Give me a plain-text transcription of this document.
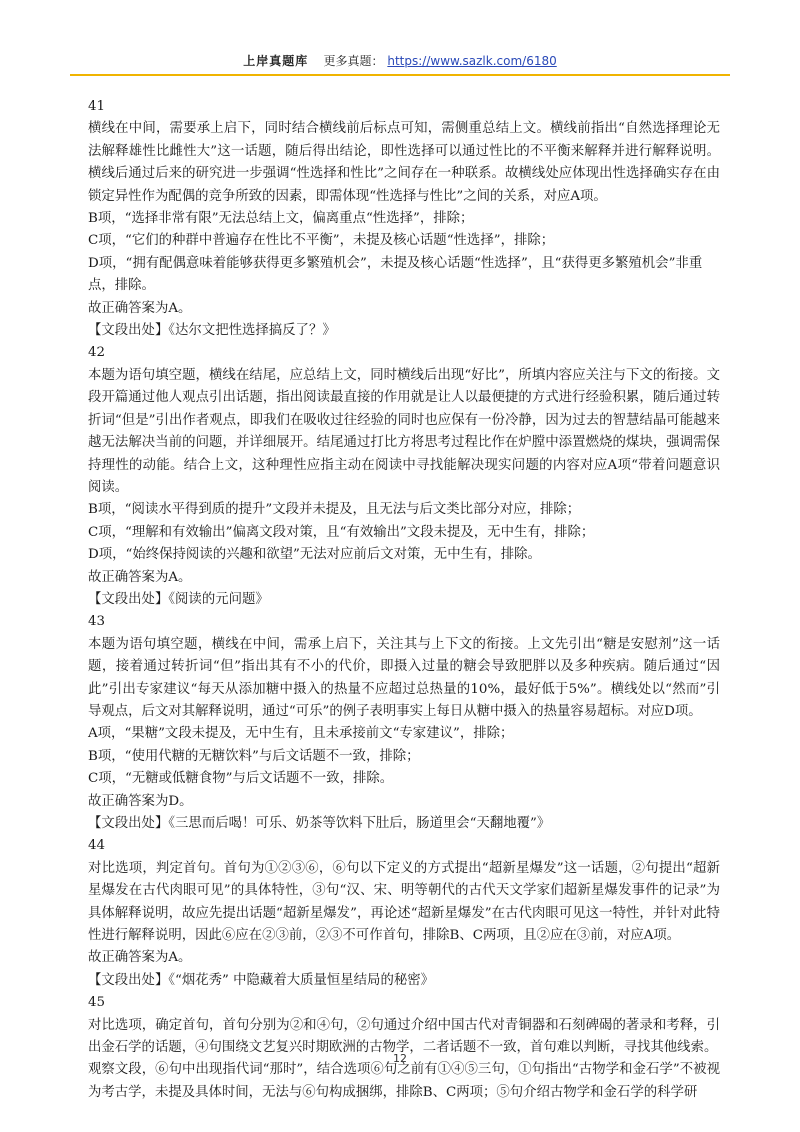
上岸真题库 更多真题： https://www.sazlk.com/6180

41

横线在中间，需要承上启下，同时结合横线前后标点可知，需侧重总结上文。横线前指出“自然选择理论无法解释雄性比雌性大”这一话题，随后得出结论，即性选择可以通过性比的不平衡来解释并进行解释说明。横线后通过后来的研究进一步强调“性选择和性比”之间存在一种联系。故横线处应体现出性选择确实存在由锁定异性作为配偶的竞争所致的因素，即需体现“性选择与性比”之间的关系，对应A项。

B项，“选择非常有限”无法总结上文，偏离重点“性选择”，排除；

C项，“它们的种群中普遍存在性比不平衡”，未提及核心话题“性选择”，排除；

D项，“拥有配偶意味着能够获得更多繁殖机会”，未提及核心话题“性选择”，且“获得更多繁殖机会”非重点，排除。

故正确答案为A。

【文段出处】《达尔文把性选择搞反了？》

42

本题为语句填空题，横线在结尾，应总结上文，同时横线后出现“好比”，所填内容应关注与下文的衔接。文段开篇通过他人观点引出话题，指出阅读最直接的作用就是让人以最便捷的方式进行经验积累，随后通过转折词“但是”引出作者观点，即我们在吸收过往经验的同时也应保有一份冷静，因为过去的智慧结晶可能越来越无法解决当前的问题，并详细展开。结尾通过打比方将思考过程比作在炉膛中添置燃烧的煤块，强调需保持理性的动能。结合上文，这种理性应指主动在阅读中寻找能解决现实问题的内容对应A项“带着问题意识阅读。

B项，“阅读水平得到质的提升”文段并未提及，且无法与后文类比部分对应，排除；

C项，“理解和有效输出”偏离文段对策，且“有效输出”文段未提及，无中生有，排除；

D项，“始终保持阅读的兴趣和欲望”无法对应前后文对策，无中生有，排除。

故正确答案为A。

【文段出处】《阅读的元问题》

43

本题为语句填空题，横线在中间，需承上启下，关注其与上下文的衔接。上文先引出“糖是安慰剂”这一话题，接着通过转折词“但”指出其有不小的代价，即摄入过量的糖会导致肥胖以及多种疾病。随后通过“因此”引出专家建议“每天从添加糖中摄入的热量不应超过总热量的10%，最好低于5%”。横线处以“然而”引导观点，后文对其解释说明，通过“可乐”的例子表明事实上每日从糖中摄入的热量容易超标。对应D项。

A项，“果糖”文段未提及，无中生有，且未承接前文“专家建议”，排除；

B项，“使用代糖的无糖饮料”与后文话题不一致，排除；

C项，“无糖或低糖食物”与后文话题不一致，排除。

故正确答案为D。

【文段出处】《三思而后喝！可乐、奶茶等饮料下肚后，肠道里会“天翻地覆”》

44

对比选项，判定首句。首句为①②③⑥，⑥句以下定义的方式提出“超新星爆发”这一话题，②句提出“超新星爆发在古代肉眼可见”的具体特性，③句“汉、宋、明等朝代的古代天文学家们超新星爆发事件的记录”为具体解释说明，故应先提出话题“超新星爆发”，再论述“超新星爆发”在古代肉眼可见这一特性，并针对此特性进行解释说明，因此⑥应在②③前，②③不可作首句，排除B、C两项，且②应在③前，对应A项。

故正确答案为A。

【文段出处】《“烟花秀” 中隐藏着大质量恒星结局的秘密》

45

对比选项，确定首句，首句分别为②和④句，②句通过介绍中国古代对青铜器和石刻碑碣的著录和考释，引出金石学的话题，④句围绕文艺复兴时期欧洲的古物学，二者话题不一致，首句难以判断，寻找其他线索。

观察文段，⑥句中出现指代词“那时”，结合选项⑥句之前有①④⑤三句，①句指出“古物学和金石学”不被视为考古学，未提及具体时间，无法与⑥句构成捆绑，排除B、C两项；⑤句介绍古物学和金石学的科学研

12
